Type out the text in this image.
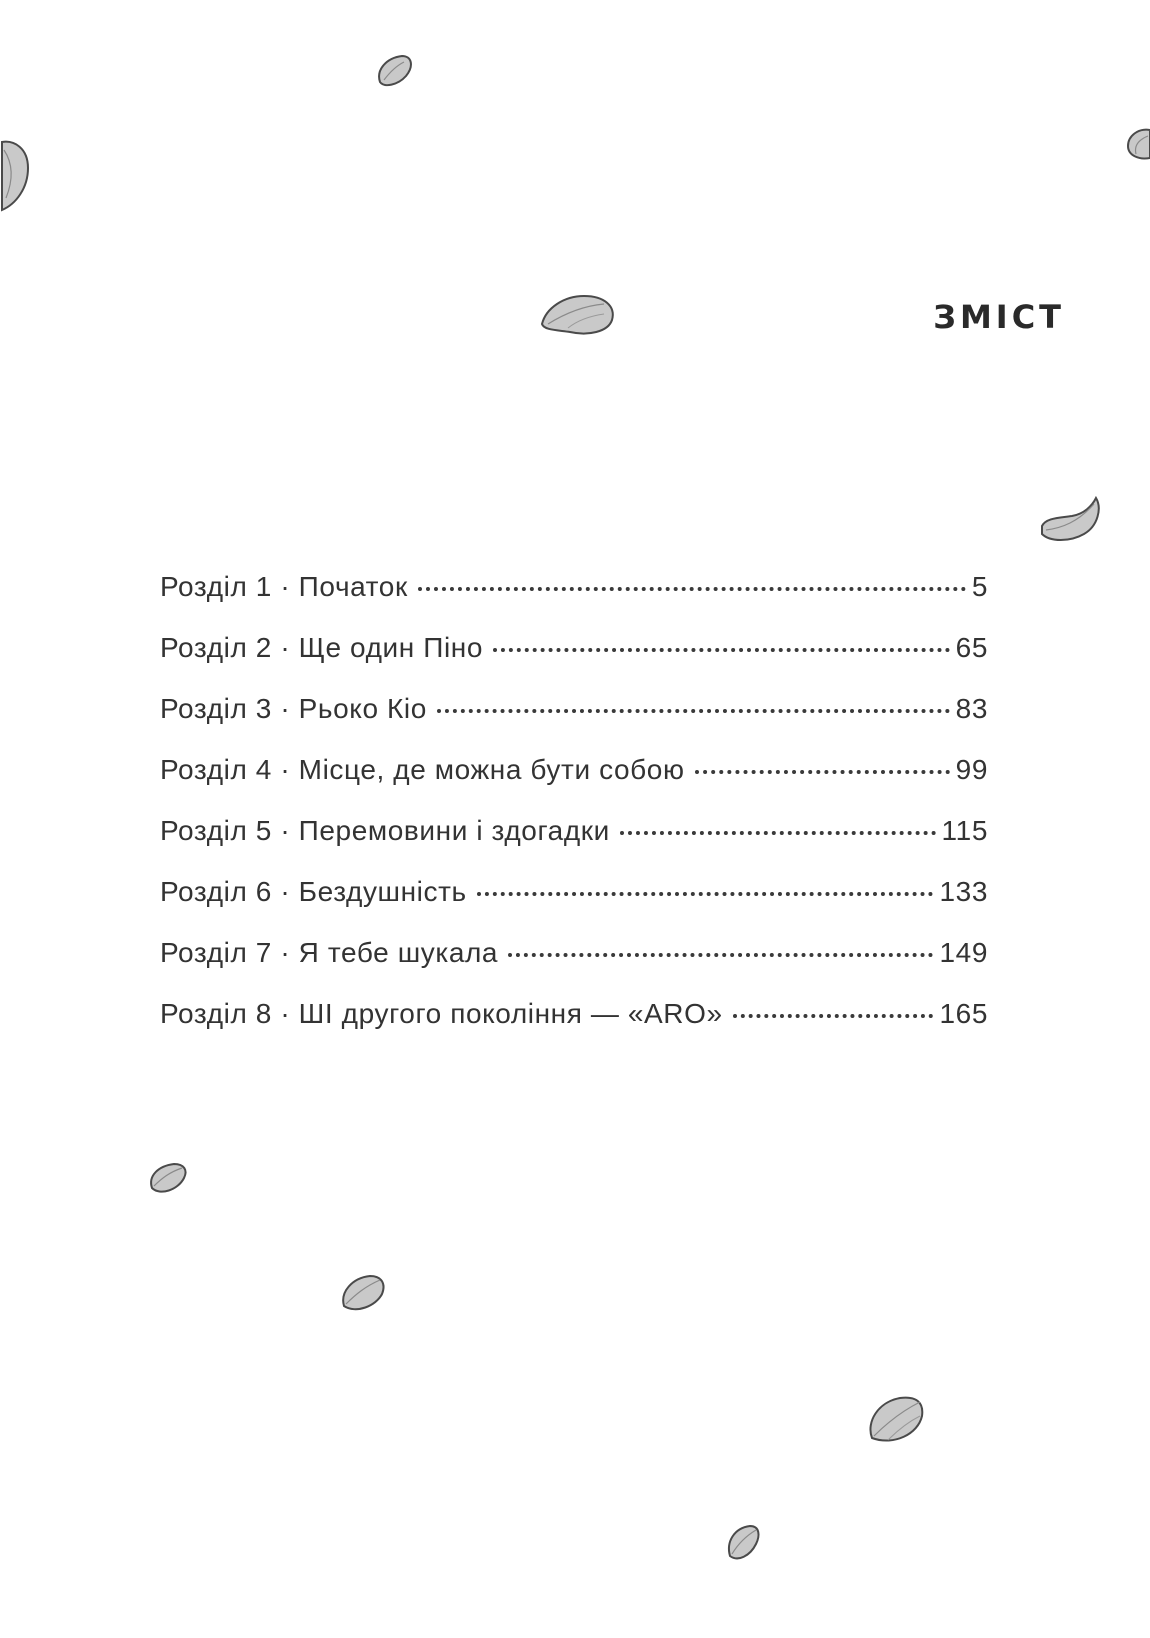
ЗМІСТ
Розділ 1 · Початок	5
Розділ 2 · Ще один Піно	65
Розділ 3 · Рьоко Кіо	83
Розділ 4 · Місце, де можна бути собою	99
Розділ 5 · Перемовини і здогадки	115
Розділ 6 · Бездушність	133
Розділ 7 · Я тебе шукала	149
Розділ 8 · ШІ другого покоління — «ARO»	165
